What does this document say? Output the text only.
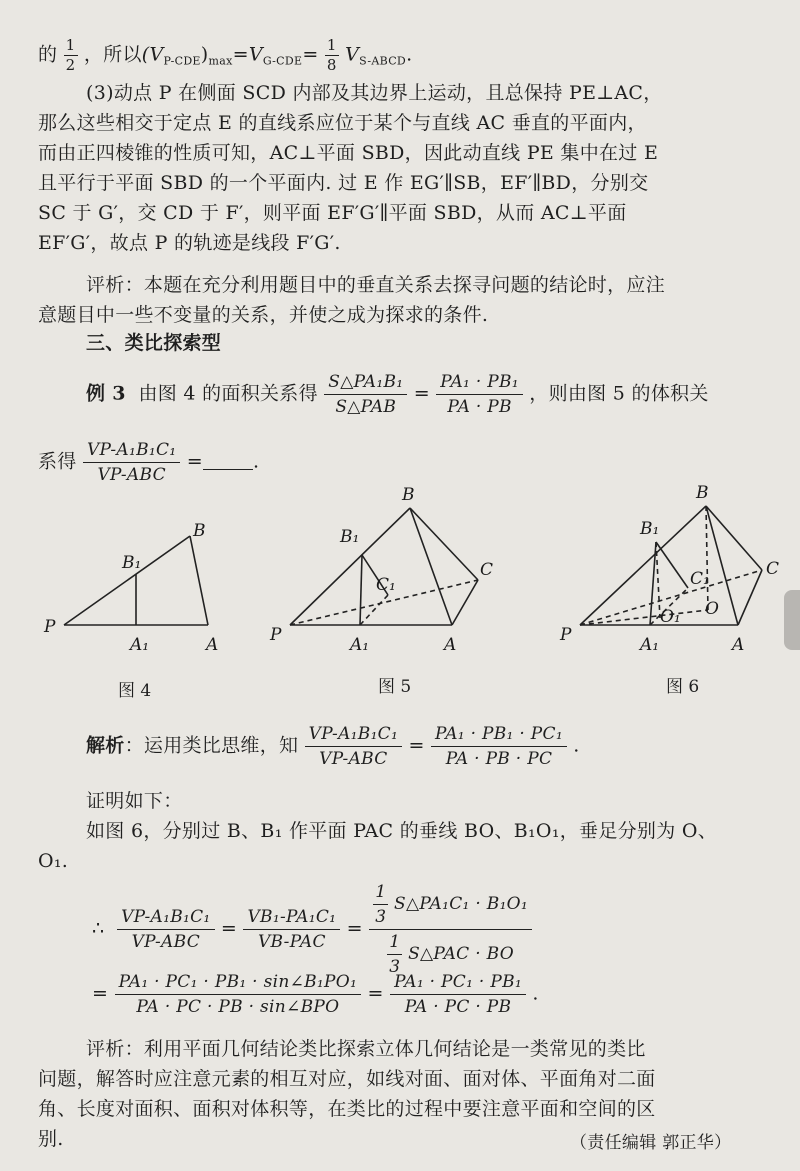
的 $\frac{1}{2}$ ，所以$(V_{P-CDE})_{max}=V_{G-CDE}= \frac{1}{8} V_{S-ABCD}$.
(3)动点 P 在侧面 SCD 内部及其边界上运动，且总保持 PE⊥AC，
那么这些相交于定点 E 的直线系应位于某个与直线 AC 垂直的平面内，
而由正四棱锥的性质可知，AC⊥平面 SBD，因此动直线 PE 集中在过 E
且平行于平面 SBD 的一个平面内. 过 E 作 EG′∥SB，EF′∥BD，分别交
SC 于 G′，交 CD 于 F′，则平面 EF′G′∥平面 SBD，从而 AC⊥平面
EF′G′，故点 P 的轨迹是线段 F′G′.
评析：本题在充分利用题目中的垂直关系去探寻问题的结论时，应注
意题目中一些不变量的关系，并使之成为探求的条件.
三、类比探索型
例 3 由图 4 的面积关系得 $\frac{\text{S△PA₁B₁}}{\text{S△PAB}} = \frac{\text{PA₁ · PB₁}}{PA \cdot PB}$ ，则由图 5 的体积关
系得 $\frac{\text{VP-A₁B₁C₁}}{\text{VP-ABC}}$ =	.
B
B₁
P
A₁	A
B
B₁
C₁
C
P	A₁	A
B
B₁
C₁	C
O₁ O
P	A₁	A
图 4	图 5	图 6
解析：运用类比思维，知 $\frac{\text{VP-A₁B₁C₁}}{\text{VP-ABC}} = \frac{\text{PA₁ · PB₁ · PC₁}}{PA \cdot PB \cdot PC}$ .
证明如下：
如图 6，分别过 B、B₁ 作平面 PAC 的垂线 BO、B₁O₁，垂足分别为 O、
O₁.
∴ $\frac{\text{VP-A₁B₁C₁}}{\text{VP-ABC}} = \frac{\text{VB₁-PA₁C₁}}{\text{VB-PAC}} = \frac{\frac{1}{3} S\triangle PA_1C_1 \cdot B_1O_1}{\frac{1}{3} S\triangle PAC \cdot BO}$
= $\frac{\text{PA₁ · PC₁ · PB₁ · sin∠B₁PO₁}}{\text{PA · PC · PB · sin∠BPO}} = \frac{\text{PA₁ · PC₁ · PB₁}}{PA \cdot PC \cdot PB}$ .
评析：利用平面几何结论类比探索立体几何结论是一类常见的类比
问题，解答时应注意元素的相互对应，如线对面、面对体、平面角对二面
角、长度对面积、面积对体积等，在类比的过程中要注意平面和空间的区
别.	（责任编辑 郭正华）
